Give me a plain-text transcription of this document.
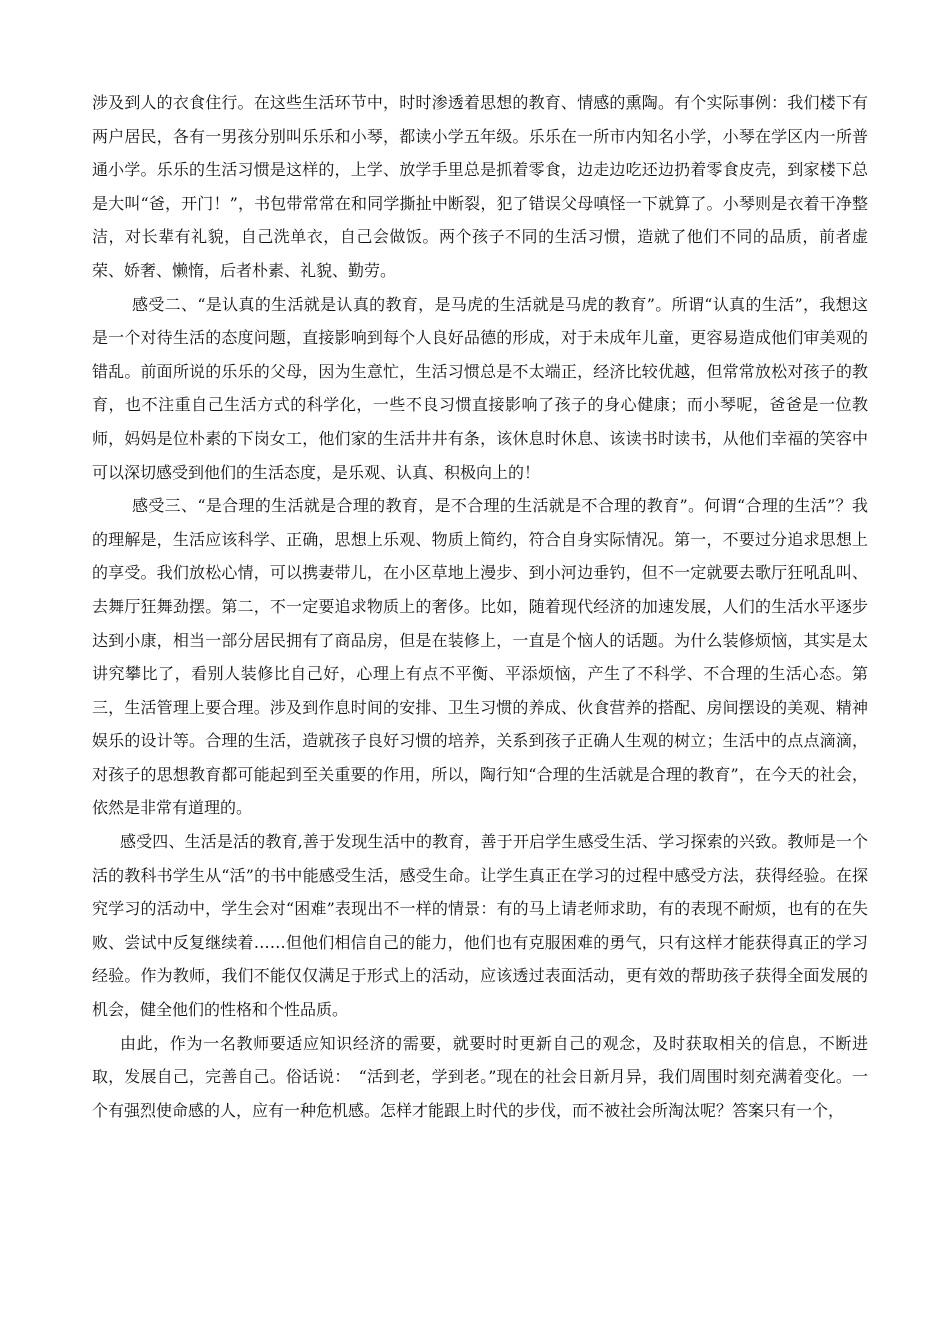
涉及到人的衣食住行。在这些生活环节中，时时渗透着思想的教育、情感的熏陶。有个实际事例：我们楼下有两户居民，各有一男孩分别叫乐乐和小琴，都读小学五年级。乐乐在一所市内知名小学，小琴在学区内一所普通小学。乐乐的生活习惯是这样的，上学、放学手里总是抓着零食，边走边吃还边扔着零食皮壳，到家楼下总是大叫“爸，开门！”，书包带常常在和同学撕扯中断裂，犯了错误父母嗔怪一下就算了。小琴则是衣着干净整洁，对长辈有礼貌，自己洗单衣，自己会做饭。两个孩子不同的生活习惯，造就了他们不同的品质，前者虚荣、娇奢、懒惰，后者朴素、礼貌、勤劳。

感受二、“是认真的生活就是认真的教育，是马虎的生活就是马虎的教育”。所谓“认真的生活”，我想这是一个对待生活的态度问题，直接影响到每个人良好品德的形成，对于未成年儿童，更容易造成他们审美观的错乱。前面所说的乐乐的父母，因为生意忙，生活习惯总是不太端正，经济比较优越，但常常放松对孩子的教育，也不注重自己生活方式的科学化，一些不良习惯直接影响了孩子的身心健康；而小琴呢，爸爸是一位教师，妈妈是位朴素的下岗女工，他们家的生活井井有条，该休息时休息、该读书时读书，从他们幸福的笑容中可以深切感受到他们的生活态度，是乐观、认真、积极向上的！

感受三、“是合理的生活就是合理的教育，是不合理的生活就是不合理的教育”。何谓“合理的生活”？我的理解是，生活应该科学、正确，思想上乐观、物质上简约，符合自身实际情况。第一，不要过分追求思想上的享受。我们放松心情，可以携妻带儿，在小区草地上漫步、到小河边垂钓，但不一定就要去歌厅狂吼乱叫、去舞厅狂舞劲摆。第二，不一定要追求物质上的奢侈。比如，随着现代经济的加速发展，人们的生活水平逐步达到小康，相当一部分居民拥有了商品房，但是在装修上，一直是个恼人的话题。为什么装修烦恼，其实是太讲究攀比了，看别人装修比自己好，心理上有点不平衡、平添烦恼，产生了不科学、不合理的生活心态。第三，生活管理上要合理。涉及到作息时间的安排、卫生习惯的养成、伙食营养的搭配、房间摆设的美观、精神娱乐的设计等。合理的生活，造就孩子良好习惯的培养，关系到孩子正确人生观的树立；生活中的点点滴滴，对孩子的思想教育都可能起到至关重要的作用，所以，陶行知“合理的生活就是合理的教育”，在今天的社会，依然是非常有道理的。

感受四、生活是活的教育,善于发现生活中的教育，善于开启学生感受生活、学习探索的兴致。教师是一个活的教科书学生从“活”的书中能感受生活，感受生命。让学生真正在学习的过程中感受方法，获得经验。在探究学习的活动中，学生会对“困难”表现出不一样的情景：有的马上请老师求助，有的表现不耐烦，也有的在失败、尝试中反复继续着……但他们相信自己的能力，他们也有克服困难的勇气，只有这样才能获得真正的学习经验。作为教师，我们不能仅仅满足于形式上的活动，应该透过表面活动，更有效的帮助孩子获得全面发展的机会，健全他们的性格和个性品质。

由此，作为一名教师要适应知识经济的需要，就要时时更新自己的观念，及时获取相关的信息，不断进取，发展自己，完善自己。俗话说：　“活到老，学到老。”现在的社会日新月异，我们周围时刻充满着变化。一个有强烈使命感的人，应有一种危机感。怎样才能跟上时代的步伐，而不被社会所淘汰呢？答案只有一个，
